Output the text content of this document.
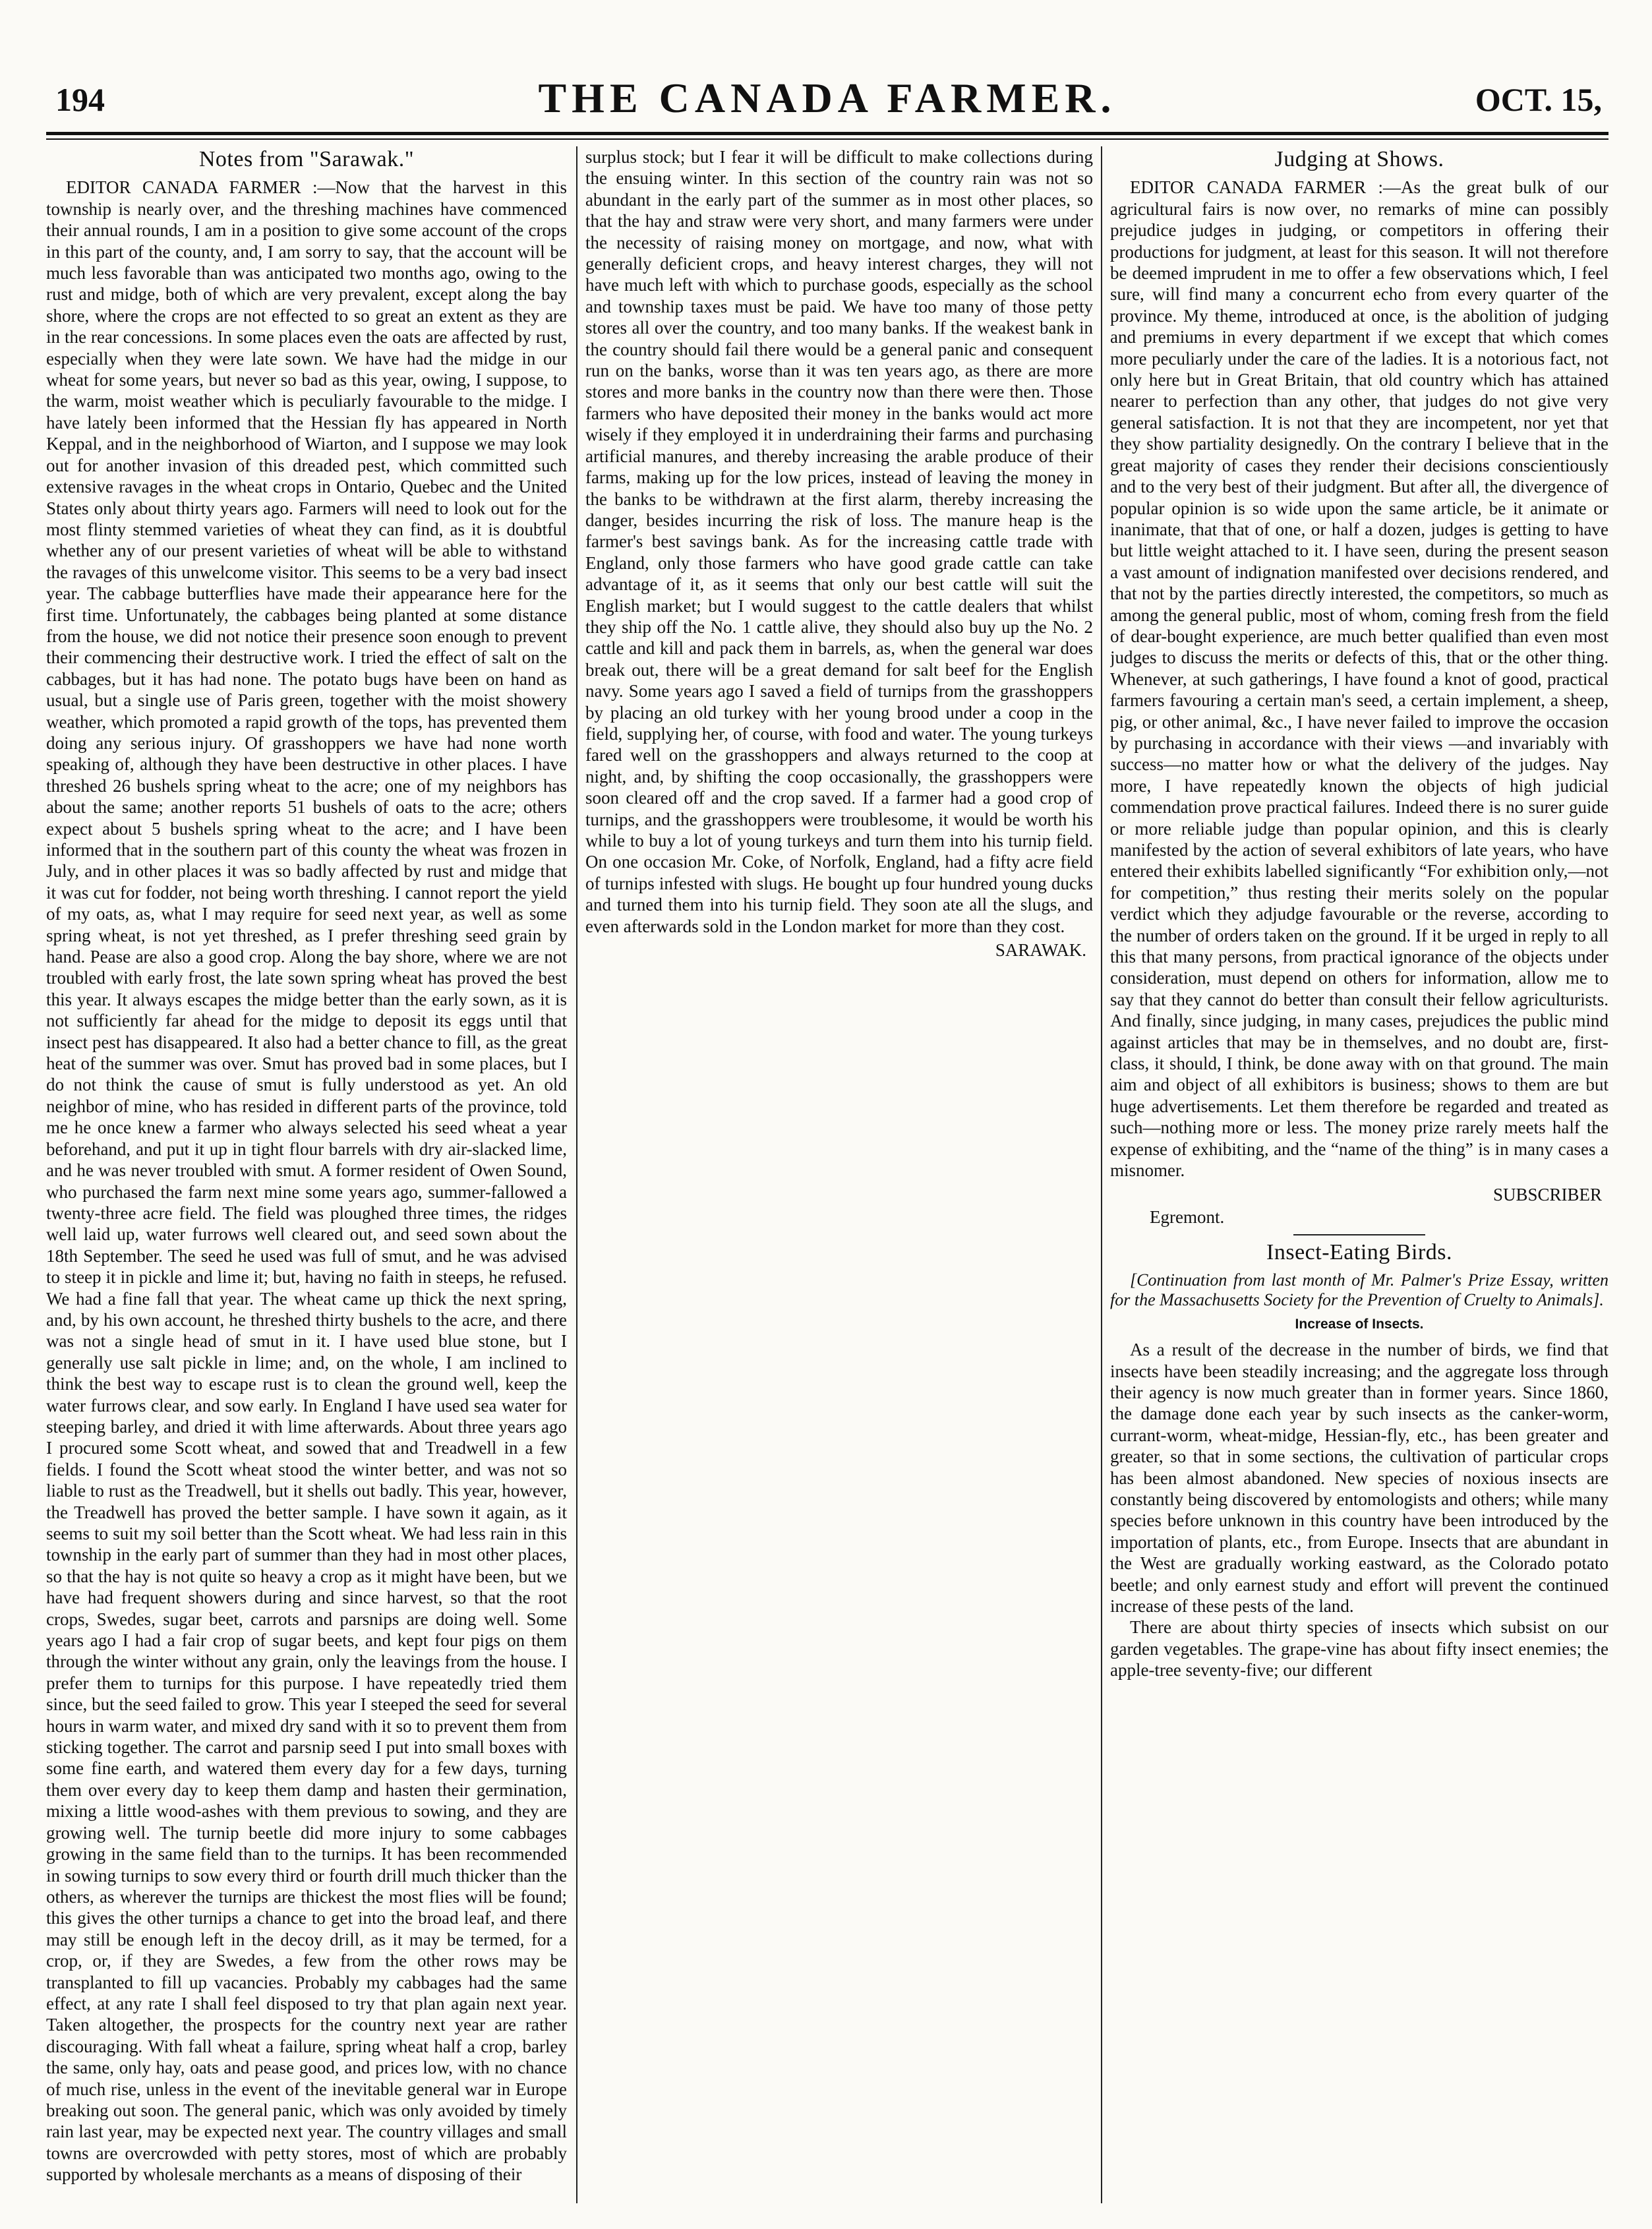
194	THE CANADA FARMER.	OCT. 15,
Notes from "Sarawak."

EDITOR CANADA FARMER :—Now that the harvest in this township is nearly over, and the threshing machines have commenced their annual rounds, I am in a position to give some account of the crops in this part of the county, and, I am sorry to say, that the account will be much less favorable than was anticipated two months ago, owing to the rust and midge, both of which are very prevalent, except along the bay shore, where the crops are not effected to so great an extent as they are in the rear concessions. In some places even the oats are affected by rust, especially when they were late sown. We have had the midge in our wheat for some years, but never so bad as this year, owing, I suppose, to the warm, moist weather which is peculiarly favourable to the midge. I have lately been informed that the Hessian fly has appeared in North Keppal, and in the neighborhood of Wiarton, and I suppose we may look out for another invasion of this dreaded pest, which committed such extensive ravages in the wheat crops in Ontario, Quebec and the United States only about thirty years ago. Farmers will need to look out for the most flinty stemmed varieties of wheat they can find, as it is doubtful whether any of our present varieties of wheat will be able to withstand the ravages of this unwelcome visitor. This seems to be a very bad insect year. The cabbage butterflies have made their appearance here for the first time. Unfortunately, the cabbages being planted at some distance from the house, we did not notice their presence soon enough to prevent their commencing their destructive work. I tried the effect of salt on the cabbages, but it has had none. The potato bugs have been on hand as usual, but a single use of Paris green, together with the moist showery weather, which promoted a rapid growth of the tops, has prevented them doing any serious injury. Of grasshoppers we have had none worth speaking of, although they have been destructive in other places. I have threshed 26 bushels spring wheat to the acre; one of my neighbors has about the same; another reports 51 bushels of oats to the acre; others expect about 5 bushels spring wheat to the acre; and I have been informed that in the southern part of this county the wheat was frozen in July, and in other places it was so badly affected by rust and midge that it was cut for fodder, not being worth threshing. I cannot report the yield of my oats, as, what I may require for seed next year, as well as some spring wheat, is not yet threshed, as I prefer threshing seed grain by hand. Pease are also a good crop. Along the bay shore, where we are not troubled with early frost, the late sown spring wheat has proved the best this year. It always escapes the midge better than the early sown, as it is not sufficiently far ahead for the midge to deposit its eggs until that insect pest has disappeared. It also had a better chance to fill, as the great heat of the summer was over. Smut has proved bad in some places, but I do not think the cause of smut is fully understood as yet. An old neighbor of mine, who has resided in different parts of the province, told me he once knew a farmer who always selected his seed wheat a year beforehand, and put it up in tight flour barrels with dry air-slacked lime, and he was never troubled with smut. A former resident of Owen Sound, who purchased the farm next mine some years ago, summer-fallowed a twenty-three acre field. The field was ploughed three times, the ridges well laid up, water furrows well cleared out, and seed sown about the 18th September. The seed he used was full of smut, and he was advised to steep it in pickle and lime it; but, having no faith in steeps, he refused. We had a fine fall that year. The wheat came up thick the next spring, and, by his own account, he threshed thirty bushels to the acre, and there was not a single head of smut in it. I have used blue stone, but I generally use salt pickle in lime; and, on the whole, I am inclined to think the best way to escape rust is to clean the ground well, keep the water furrows clear, and sow early. In England I have used sea water for steeping barley, and dried it with lime afterwards. About three years ago I procured some Scott wheat, and sowed that and Treadwell in a few fields. I found the Scott wheat stood the winter better, and was not so liable to rust as the Treadwell, but it shells out badly. This year, however, the Treadwell has proved the better sample. I have sown it again, as it seems to suit my soil better than the Scott wheat. We had less rain in this township in the early part of summer than they had in most other places, so that the hay is not quite so heavy a crop as it might have been, but we have had frequent showers during and since harvest, so that the root crops, Swedes, sugar beet, carrots and parsnips are doing well. Some years ago I had a fair crop of sugar beets, and kept four pigs on them through the winter without any grain, only the leavings from the house. I prefer them to turnips for this purpose. I have repeatedly tried them since, but the seed failed to grow. This year I steeped the seed for several hours in warm water, and mixed dry sand with it so to prevent them from sticking together. The carrot and parsnip seed I put into small boxes with some fine earth, and watered them every day for a few days, turning them over every day to keep them damp and hasten their germination, mixing a little wood-ashes with them previous to sowing, and they are growing well. The turnip beetle did more injury to some cabbages growing in the same field than to the turnips. It has been recommended in sowing turnips to sow every third or fourth drill much thicker than the others, as wherever the turnips are thickest the most flies will be found; this gives the other turnips a chance to get into the broad leaf, and there may still be enough left in the decoy drill, as it may be termed, for a crop, or, if they are Swedes, a few from the other rows may be transplanted to fill up vacancies. Probably my cabbages had the same effect, at any rate I shall feel disposed to try that plan again next year. Taken altogether, the prospects for the country next year are rather discouraging. With fall wheat a failure, spring wheat half a crop, barley the same, only hay, oats and pease good, and prices low, with no chance of much rise, unless in the event of the inevitable general war in Europe breaking out soon. The general panic, which was only avoided by timely rain last year, may be expected next year. The country villages and small towns are overcrowded with petty stores, most of which are probably supported by wholesale merchants as a means of disposing of their

surplus stock; but I fear it will be difficult to make collections during the ensuing winter. In this section of the country rain was not so abundant in the early part of the summer as in most other places, so that the hay and straw were very short, and many farmers were under the necessity of raising money on mortgage, and now, what with generally deficient crops, and heavy interest charges, they will not have much left with which to purchase goods, especially as the school and township taxes must be paid. We have too many of those petty stores all over the country, and too many banks. If the weakest bank in the country should fail there would be a general panic and consequent run on the banks, worse than it was ten years ago, as there are more stores and more banks in the country now than there were then. Those farmers who have deposited their money in the banks would act more wisely if they employed it in underdraining their farms and purchasing artificial manures, and thereby increasing the arable produce of their farms, making up for the low prices, instead of leaving the money in the banks to be withdrawn at the first alarm, thereby increasing the danger, besides incurring the risk of loss. The manure heap is the farmer's best savings bank. As for the increasing cattle trade with England, only those farmers who have good grade cattle can take advantage of it, as it seems that only our best cattle will suit the English market; but I would suggest to the cattle dealers that whilst they ship off the No. 1 cattle alive, they should also buy up the No. 2 cattle and kill and pack them in barrels, as, when the general war does break out, there will be a great demand for salt beef for the English navy. Some years ago I saved a field of turnips from the grasshoppers by placing an old turkey with her young brood under a coop in the field, supplying her, of course, with food and water. The young turkeys fared well on the grasshoppers and always returned to the coop at night, and, by shifting the coop occasionally, the grasshoppers were soon cleared off and the crop saved. If a farmer had a good crop of turnips, and the grasshoppers were troublesome, it would be worth his while to buy a lot of young turkeys and turn them into his turnip field. On one occasion Mr. Coke, of Norfolk, England, had a fifty acre field of turnips infested with slugs. He bought up four hundred young ducks and turned them into his turnip field. They soon ate all the slugs, and even afterwards sold in the London market for more than they cost.

SARAWAK.
Judging at Shows.

EDITOR CANADA FARMER :—As the great bulk of our agricultural fairs is now over, no remarks of mine can possibly prejudice judges in judging, or competitors in offering their productions for judgment, at least for this season. It will not therefore be deemed imprudent in me to offer a few observations which, I feel sure, will find many a concurrent echo from every quarter of the province. My theme, introduced at once, is the abolition of judging and premiums in every department if we except that which comes more peculiarly under the care of the ladies. It is a notorious fact, not only here but in Great Britain, that old country which has attained nearer to perfection than any other, that judges do not give very general satisfaction. It is not that they are incompetent, nor yet that they show partiality designedly. On the contrary I believe that in the great majority of cases they render their decisions conscientiously and to the very best of their judgment. But after all, the divergence of popular opinion is so wide upon the same article, be it animate or inanimate, that that of one, or half a dozen, judges is getting to have but little weight attached to it. I have seen, during the present season a vast amount of indignation manifested over decisions rendered, and that not by the parties directly interested, the competitors, so much as among the general public, most of whom, coming fresh from the field of dear-bought experience, are much better qualified than even most judges to discuss the merits or defects of this, that or the other thing. Whenever, at such gatherings, I have found a knot of good, practical farmers favouring a certain man's seed, a certain implement, a sheep, pig, or other animal, &c., I have never failed to improve the occasion by purchasing in accordance with their views —and invariably with success—no matter how or what the delivery of the judges. Nay more, I have repeatedly known the objects of high judicial commendation prove practical failures. Indeed there is no surer guide or more reliable judge than popular opinion, and this is clearly manifested by the action of several exhibitors of late years, who have entered their exhibits labelled significantly “For exhibition only,—not for competition,” thus resting their merits solely on the popular verdict which they adjudge favourable or the reverse, according to the number of orders taken on the ground. If it be urged in reply to all this that many persons, from practical ignorance of the objects under consideration, must depend on others for information, allow me to say that they cannot do better than consult their fellow agriculturists. And finally, since judging, in many cases, prejudices the public mind against articles that may be in themselves, and no doubt are, first-class, it should, I think, be done away with on that ground. The main aim and object of all exhibitors is business; shows to them are but huge advertisements. Let them therefore be regarded and treated as such—nothing more or less. The money prize rarely meets half the expense of exhibiting, and the “name of the thing” is in many cases a misnomer.

SUBSCRIBER
Egremont.
Insect-Eating Birds.
[Continuation from last month of Mr. Palmer's Prize Essay, written for the Massachusetts Society for the Prevention of Cruelty to Animals].
Increase of Insects.

As a result of the decrease in the number of birds, we find that insects have been steadily increasing; and the aggregate loss through their agency is now much greater than in former years. Since 1860, the damage done each year by such insects as the canker-worm, currant-worm, wheat-midge, Hessian-fly, etc., has been greater and greater, so that in some sections, the cultivation of particular crops has been almost abandoned. New species of noxious insects are constantly being discovered by entomologists and others; while many species before unknown in this country have been introduced by the importation of plants, etc., from Europe. Insects that are abundant in the West are gradually working eastward, as the Colorado potato beetle; and only earnest study and effort will prevent the continued increase of these pests of the land.

There are about thirty species of insects which subsist on our garden vegetables. The grape-vine has about fifty insect enemies; the apple-tree seventy-five; our different
